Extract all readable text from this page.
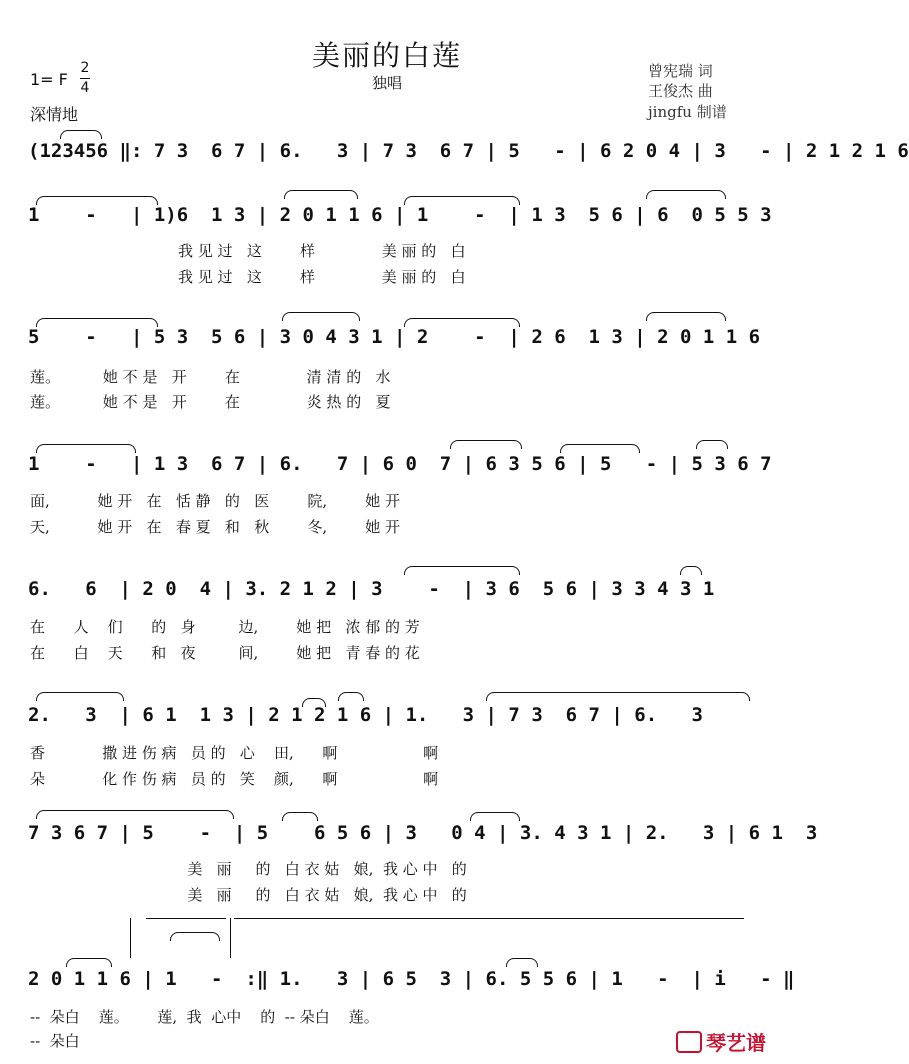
美丽的白莲
独唱
曾宪瑞 词
王俊杰 曲
jingfu 制谱
1= F
2
4
深情地
(123456 ‖: 7 3  6 7 | 6.   3 | 7 3  6 7 | 5   - | 6 2 0 4 | 3   - | 2 1 2 1 6
1    -   | 1)6  1 3 | 2 0 1 1 6 | 1    -  | 1 3  5 6 | 6  0 5 5 3
我 见 过   这        样              美 丽 的   白
我 见 过   这        样              美 丽 的   白
5    -   | 5 3  5 6 | 3 0 4 3 1 | 2    -  | 2 6  1 3 | 2 0 1 1 6
莲。         她 不 是   开        在              清 清 的   水
莲。         她 不 是   开        在              炎 热 的   夏
1    -   | 1 3  6 7 | 6.   7 | 6 0  7 | 6 3 5 6 | 5   - | 5 3 6 7
面,          她 开   在   恬 静   的   医        院,        她 开
天,          她 开   在   春 夏   和   秋        冬,        她 开
6.   6  | 2 0  4 | 3. 2 1 2 | 3    -  | 3 6  5 6 | 3 3 4 3 1
在      人    们      的   身         边,        她 把   浓 郁 的 芳
在      白    天      和   夜         间,        她 把   青 春 的 花
2.   3  | 6 1  1 3 | 2 1 2 1 6 | 1.   3 | 7 3  6 7 | 6.   3
香            撒 进 伤 病   员 的   心    田,      啊                  啊
朵            化 作 伤 病   员 的   笑    颜,      啊                  啊
7 3 6 7 | 5    -  | 5    6 5 6 | 3   0 4 | 3. 4 3 1 | 2.   3 | 6 1  3
美   丽     的   白 衣 姑   娘,  我 心 中   的
美   丽     的   白 衣 姑   娘,  我 心 中   的
2 0 1 1 6 | 1   -  :‖ 1.   3 | 6 5  3 | 6. 5 5 6 | 1   -  | i   - ‖
--  朵白    莲。      莲,  我  心中    的  -- 朵白    莲。
--  朵白	琴艺谱
